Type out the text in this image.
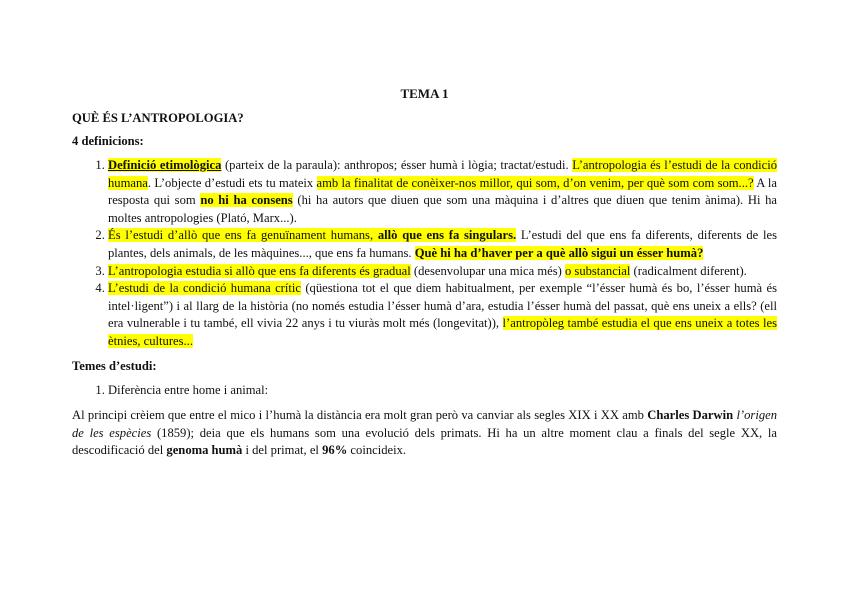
TEMA 1
QUÈ ÉS L’ANTROPOLOGIA?
4 definicions:
1. Definició etimològica (parteix de la paraula): anthropos; ésser humà i lògia; tractat/estudi. L’antropologia és l’estudi de la condició humana. L’objecte d’estudi ets tu mateix amb la finalitat de conèixer-nos millor, qui som, d’on venim, per què som com som...? A la resposta qui som no hi ha consens (hi ha autors que diuen que som una màquina i d’altres que diuen que tenim ànima). Hi ha moltes antropologies (Plató, Marx...).
2. És l’estudi d’allò que ens fa genuïnament humans, allò que ens fa singulars. L’estudi del que ens fa diferents, diferents de les plantes, dels animals, de les màquines..., que ens fa humans. Què hi ha d’haver per a què allò sigui un ésser humà?
3. L’antropologia estudia si allò que ens fa diferents és gradual (desenvolupar una mica més) o substancial (radicalment diferent).
4. L’estudi de la condició humana crític (qüestiona tot el que diem habitualment, per exemple “l’ésser humà és bo, l’ésser humà és intel·ligent”) i al llarg de la història (no només estudia l’ésser humà d’ara, estudia l’ésser humà del passat, què ens uneix a ells? (ell era vulnerable i tu també, ell vivia 22 anys i tu viuràs molt més (longevitat)), l’antropòleg també estudia el que ens uneix a totes les ètnies, cultures...
Temes d’estudi:
1. Diferència entre home i animal:

Al principi crèiem que entre el mico i l’humà la distància era molt gran però va canviar als segles XIX i XX amb Charles Darwin l’origen de les espècies (1859); deia que els humans som una evolució dels primats. Hi ha un altre moment clau a finals del segle XX, la descodificació del genoma humà i del primat, el 96% coincideix.
